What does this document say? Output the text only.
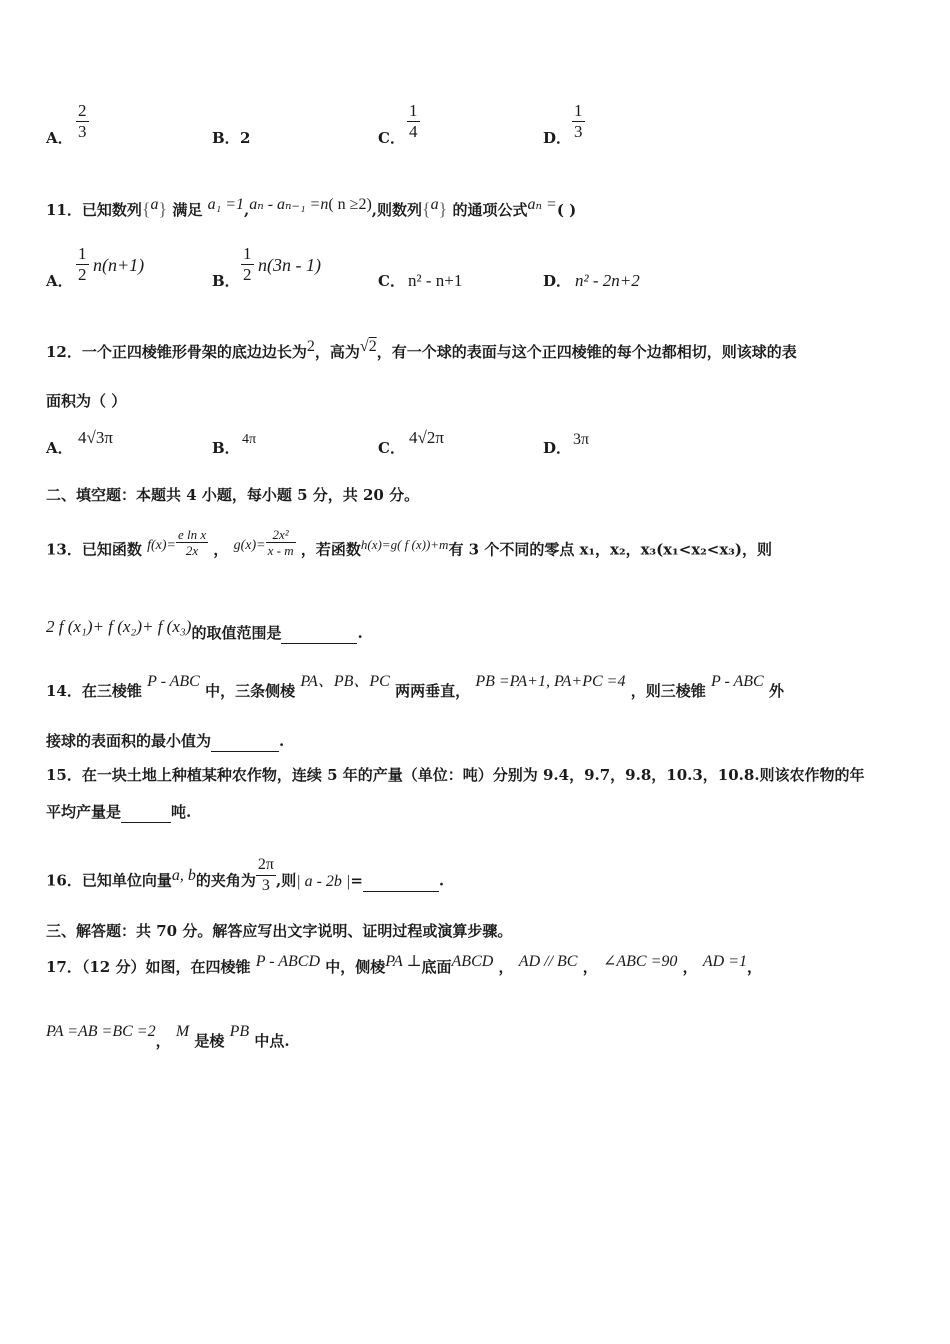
A． $\frac{2}{3}$	B． 2	C． $\frac{1}{4}$	D． $\frac{1}{3}$
11．已知数列{a} 满足 a₁ =1,aₙ - aₙ₋₁ =n( n ≥2),则数列{a} 的通项公式aₙ =( )
A． $\frac{1}{2} n(n+1)$
B． $\frac{1}{2} n(3n - 1)$
C． n² - n+1	D． n² - 2n+2
12．一个正四棱锥形骨架的底边边长为2，高为√2，有一个球的表面与这个正四棱锥的每个边都相切，则该球的表
面积为（ ）
A．
4√3π
B． 4π	C．
4√2π
D． 3π
二、填空题：本题共 4 小题，每小题 5 分，共 20 分。
13．已知函数 $f(x)= \frac{\text{e ln x}}{2x}$ ， $g(x)= \frac{\text{2x²}}{x - m}$ ，若函数h(x)=g( f (x))+m有 3 个不同的零点 x₁，x₂，x₃(x₁<x₂<x₃)，则
2 f (x₁)+ f (x₂)+ f (x₃)的取值范围是	.
14．在三棱锥 P - ABC 中，三条侧棱 PA、PB、PC 两两垂直， PB =PA+1, PA+PC =4 ，则三棱锥 P - ABC 外
接球的表面积的最小值为	.
15．在一块土地上种植某种农作物，连续 5 年的产量（单位：吨）分别为 9.4，9.7，9.8，10.3，10.8.则该农作物的年
平均产量是	吨.
16．已知单位向量a, b的夹角为 $\frac{2\pi}{3}$ ,则| a - 2b |=	.
三、解答题：共 70 分。解答应写出文字说明、证明过程或演算步骤。
17．（12 分）如图，在四棱锥 P - ABCD 中，侧棱PA ⊥底面ABCD ， AD // BC ， ∠ABC =90 ， AD =1，
PA =AB =BC =2， M 是棱 PB 中点.
